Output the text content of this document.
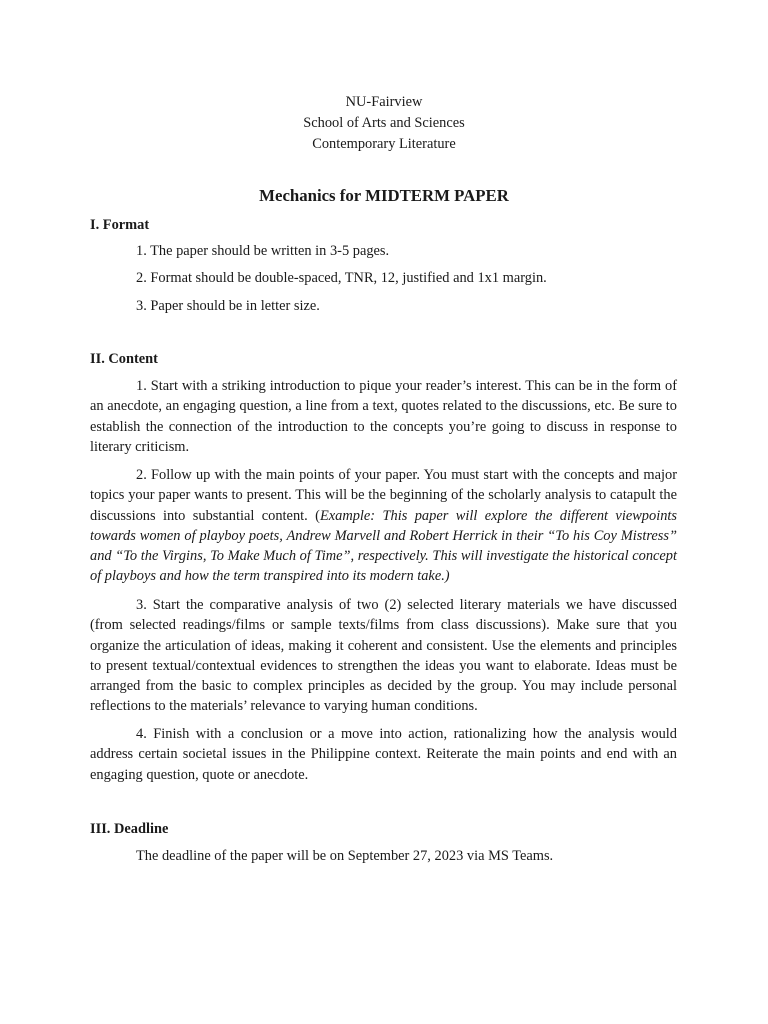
NU-Fairview
School of Arts and Sciences
Contemporary Literature
Mechanics for MIDTERM PAPER
I. Format
1. The paper should be written in 3-5 pages.
2. Format should be double-spaced, TNR, 12, justified and 1x1 margin.
3. Paper should be in letter size.
II. Content
1. Start with a striking introduction to pique your reader’s interest. This can be in the form of an anecdote, an engaging question, a line from a text, quotes related to the discussions, etc. Be sure to establish the connection of the introduction to the concepts you’re going to discuss in response to literary criticism.
2. Follow up with the main points of your paper. You must start with the concepts and major topics your paper wants to present. This will be the beginning of the scholarly analysis to catapult the discussions into substantial content. (Example: This paper will explore the different viewpoints towards women of playboy poets, Andrew Marvell and Robert Herrick in their “To his Coy Mistress” and “To the Virgins, To Make Much of Time”, respectively. This will investigate the historical concept of playboys and how the term transpired into its modern take.)
3. Start the comparative analysis of two (2) selected literary materials we have discussed (from selected readings/films or sample texts/films from class discussions). Make sure that you organize the articulation of ideas, making it coherent and consistent. Use the elements and principles to present textual/contextual evidences to strengthen the ideas you want to elaborate. Ideas must be arranged from the basic to complex principles as decided by the group. You may include personal reflections to the materials’ relevance to varying human conditions.
4. Finish with a conclusion or a move into action, rationalizing how the analysis would address certain societal issues in the Philippine context. Reiterate the main points and end with an engaging question, quote or anecdote.
III. Deadline
The deadline of the paper will be on September 27, 2023 via MS Teams.
